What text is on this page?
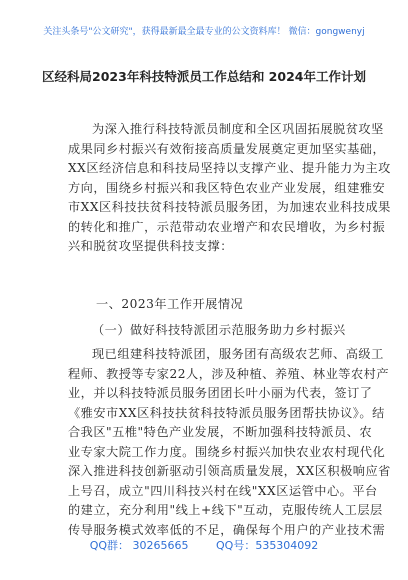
关注头条号"公文研究"，获得最新最全最专业的公文资料库！ 微信：gongwenyj
区经科局2023年科技特派员工作总结和 2024年工作计划
为深入推行科技特派员制度和全区巩固拓展脱贫攻坚
成果同乡村振兴有效衔接高质量发展奠定更加坚实基础，
XX区经济信息和科技局坚持以支撑产业、提升能力为主攻
方向，围绕乡村振兴和我区特色农业产业发展，组建雅安
市XX区科技扶贫科技特派员服务团，为加速农业科技成果
的转化和推广，示范带动农业增产和农民增收，为乡村振
兴和脱贫攻坚提供科技支撑：
一、2023年工作开展情况
（一）做好科技特派团示范服务助力乡村振兴
现已组建科技特派团，服务团有高级农艺师、高级工
程师、教授等专家22人，涉及种植、养殖、林业等农村产
业，并以科技特派员服务团团长叶小丽为代表，签订了
《雅安市XX区科技扶贫科技特派员服务团帮扶协议》。结
合我区"五椎"特色产业发展，不断加强科技特派员、农
业专家大院工作力度。围绕乡村振兴加快农业农村现代化
深入推进科技创新驱动引领高质量发展，XX区积极响应省
上号召，成立"四川科技兴村在线"XX区运管中心。平台
的建立，充分利用"线上+线下"互动，克服传统人工层层
传导服务模式效率低的不足，确保每个用户的产业技术需
QQ群： 30265665	QQ号：535304092
